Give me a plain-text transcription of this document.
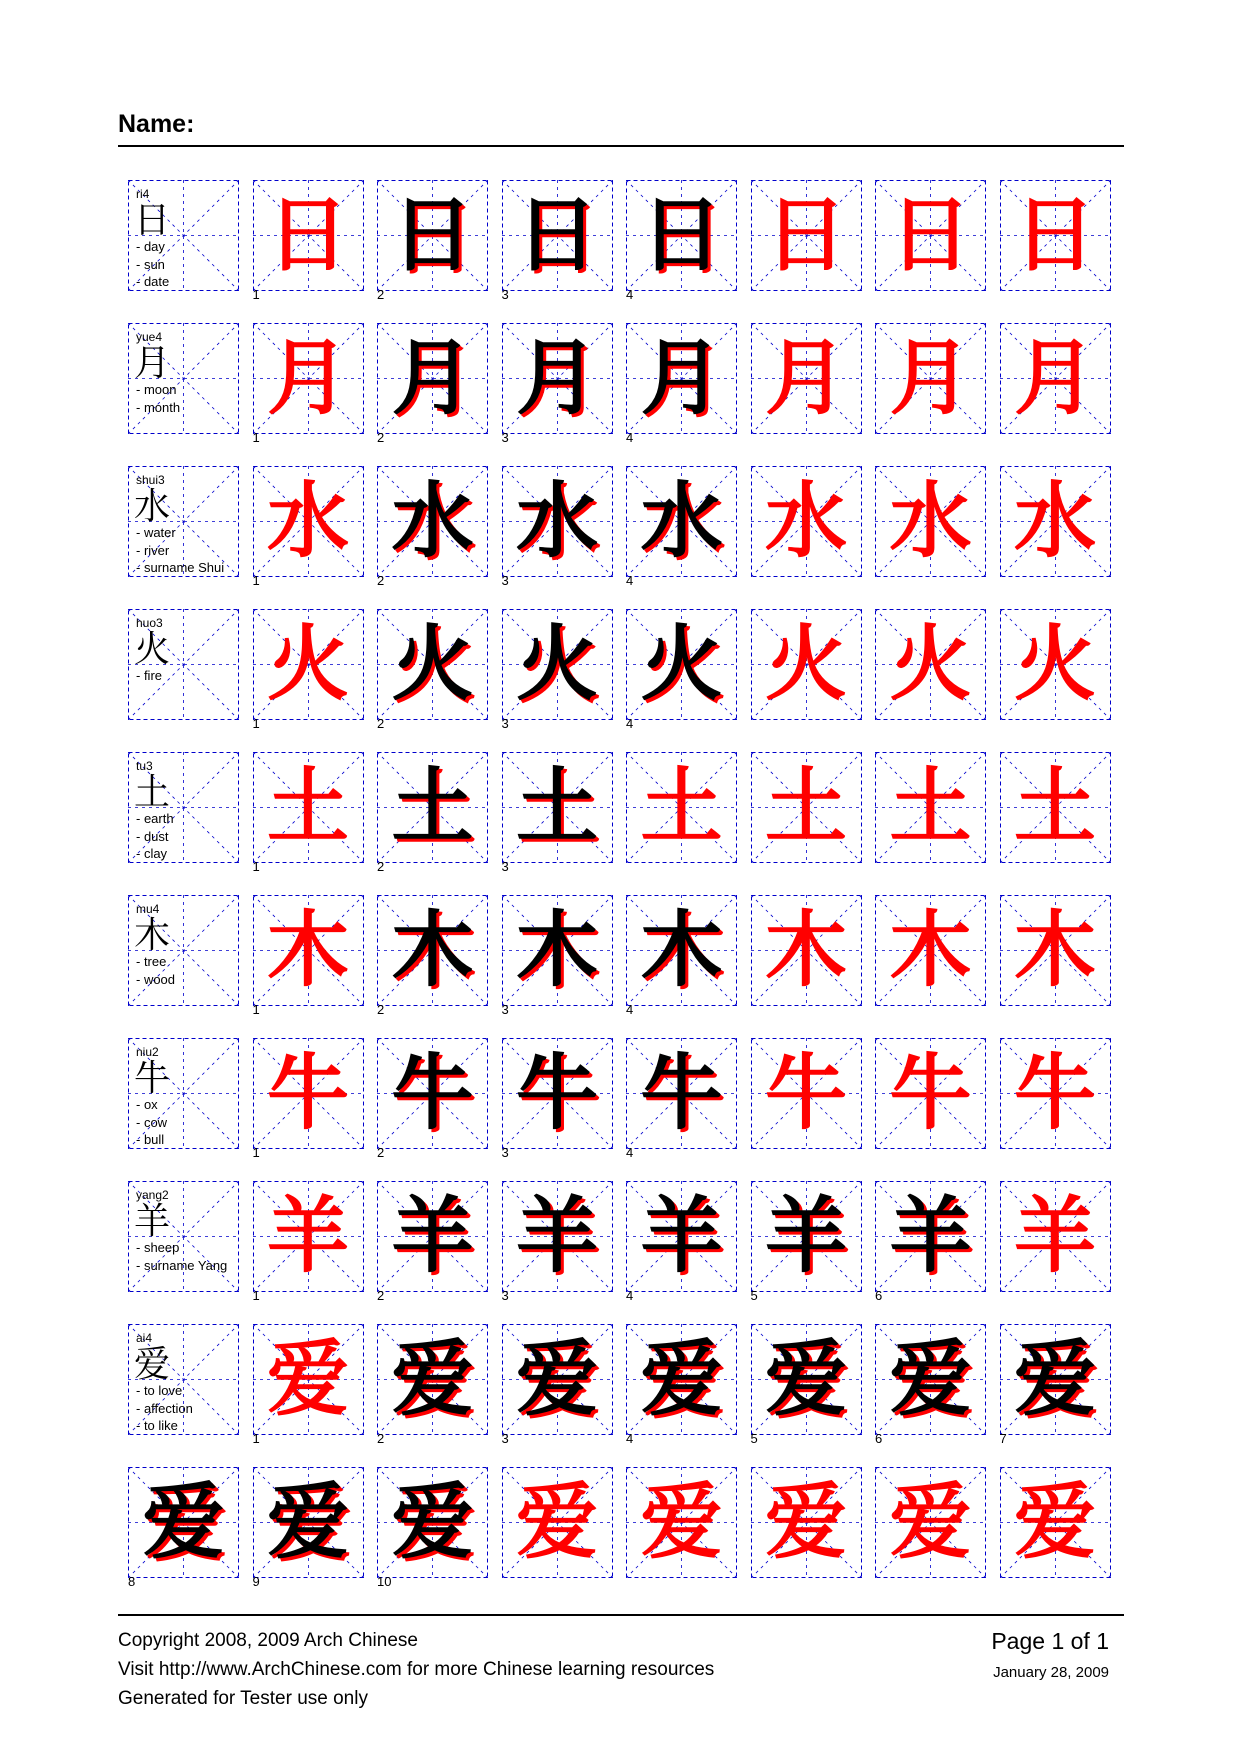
Name:
ri4
日
- day
- sun
- date 日
1
日
2
日
3
日
4
日 日 日
yue4
月
- moon
- month 月
1
月
2
月
3
月
4
月 月 月
shui3
水
- water
- river
- surname Shui 水
1
水
2
水
3
水
4
水 水 水
huo3
火
- fire 火
1
火
2
火
3
火
4
火 火 火
tu3
土
- earth
- dust
- clay 土
1
土
2
土
3
土 土 土 土
mu4
木
- tree
- wood 木
1
木
2
木
3
木
4
木 木 木
niu2
牛
- ox
- cow
- bull 牛
1
牛
2
牛
3
牛
4
牛 牛 牛
yang2
羊
- sheep
- surname Yang 羊
1
羊
2
羊
3
羊
4
羊
5
羊
6
羊
ai4
爱
- to love
- affection
- to like 爱
1
爱
2
爱
3
爱
4
爱
5
爱
6
爱
7
爱
8
爱
9
爱
10
爱 爱 爱 爱 爱
Copyright 2008, 2009 Arch Chinese
Visit http://www.ArchChinese.com for more Chinese learning resources
Generated for Tester use only
Page 1 of 1
January 28, 2009
